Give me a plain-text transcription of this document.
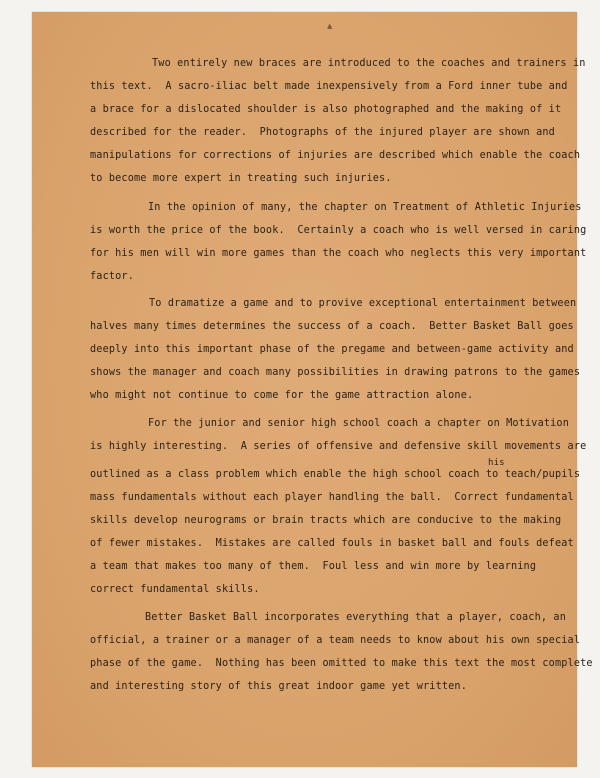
▲
Two entirely new braces are introduced to the coaches and trainers in
this text.  A sacro-iliac belt made inexpensively from a Ford inner tube and
a brace for a dislocated shoulder is also photographed and the making of it
described for the reader.  Photographs of the injured player are shown and
manipulations for corrections of injuries are described which enable the coach
to become more expert in treating such injuries.
In the opinion of many, the chapter on Treatment of Athletic Injuries
is worth the price of the book.  Certainly a coach who is well versed in caring
for his men will win more games than the coach who neglects this very important
factor.
To dramatize a game and to provive exceptional entertainment between
halves many times determines the success of a coach.  Better Basket Ball goes
deeply into this important phase of the pregame and between-game activity and
shows the manager and coach many possibilities in drawing patrons to the games
who might not continue to come for the game attraction alone.
For the junior and senior high school coach a chapter on Motivation
is highly interesting.  A series of offensive and defensive skill movements are
his
outlined as a class problem which enable the high school coach to teach/pupils
mass fundamentals without each player handling the ball.  Correct fundamental
skills develop neurograms or brain tracts which are conducive to the making
of fewer mistakes.  Mistakes are called fouls in basket ball and fouls defeat
a team that makes too many of them.  Foul less and win more by learning
correct fundamental skills.
Better Basket Ball incorporates everything that a player, coach, an
official, a trainer or a manager of a team needs to know about his own special
phase of the game.  Nothing has been omitted to make this text the most complete
and interesting story of this great indoor game yet written.
